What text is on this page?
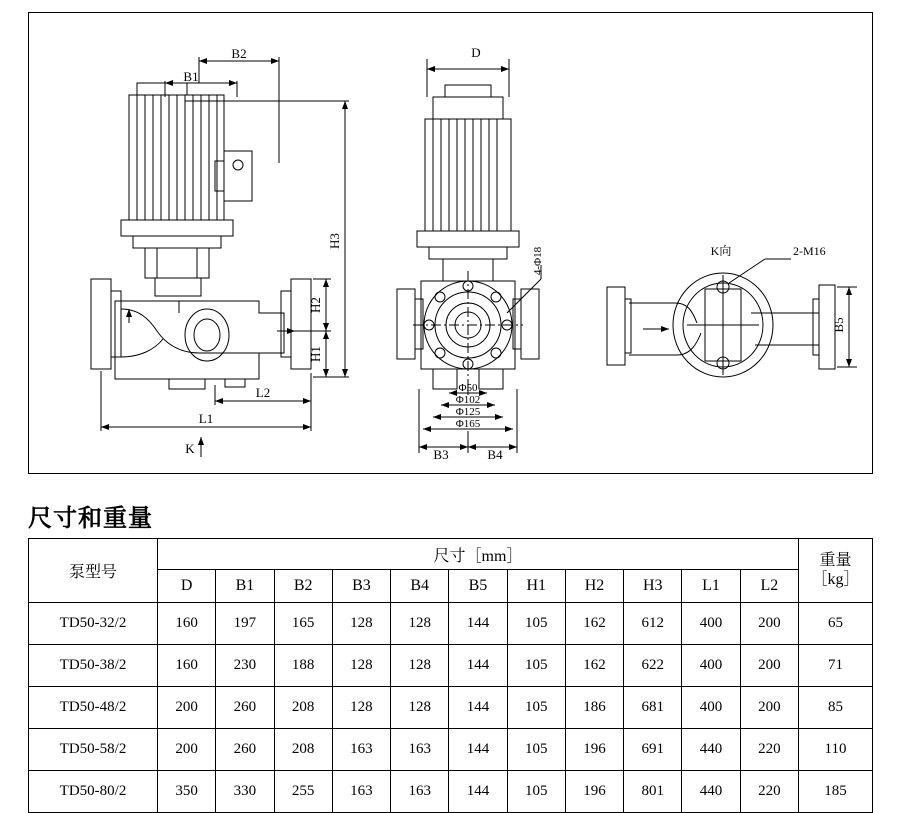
B1
B2	D
H3
H2
H1
L2
L1
K	B3	B4
B5
Φ50
Φ102
Φ125
Φ165
4-Φ18	2-M16
K向
尺寸和重量
泵型号	尺寸［mm］											重量
［kg］

	D	B1	B2	B3	B4	B5	H1	H2	H3	L1	L2	
TD50-32/2	160	197	165	128	128	144	105	162	612	400	200	65
TD50-38/2	160	230	188	128	128	144	105	162	622	400	200	71
TD50-48/2	200	260	208	128	128	144	105	186	681	400	200	85
TD50-58/2	200	260	208	163	163	144	105	196	691	440	220	110
TD50-80/2	350	330	255	163	163	144	105	196	801	440	220	185
